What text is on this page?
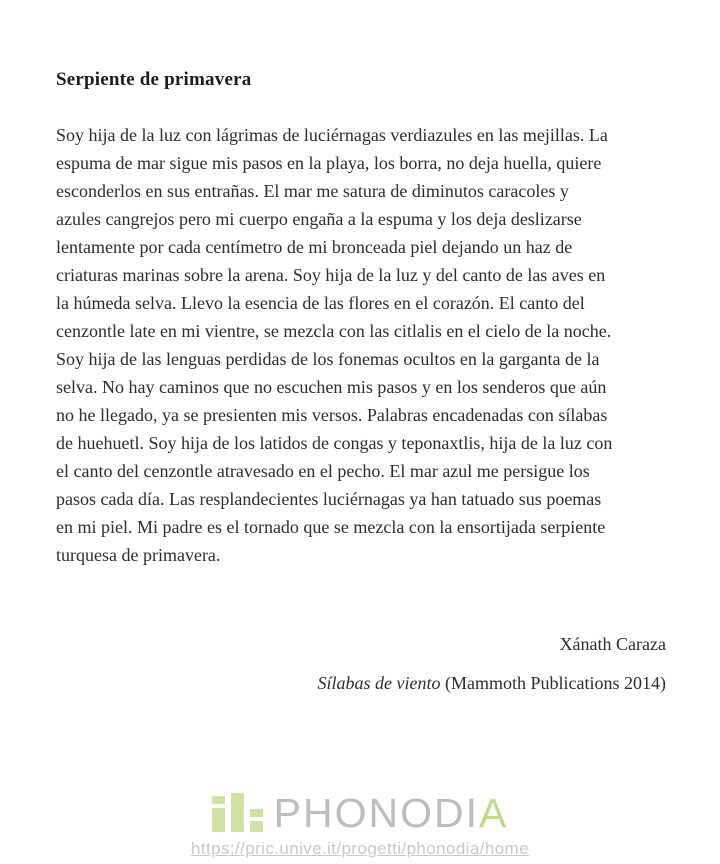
Serpiente de primavera
Soy hija de la luz con lágrimas de luciérnagas verdiazules en las mejillas. La
espuma de mar sigue mis pasos en la playa, los borra, no deja huella, quiere
esconderlos en sus entrañas. El mar me satura de diminutos caracoles y
azules cangrejos pero mi cuerpo engaña a la espuma y los deja deslizarse
lentamente por cada centímetro de mi bronceada piel dejando un haz de
criaturas marinas sobre la arena. Soy hija de la luz y del canto de las aves en
la húmeda selva. Llevo la esencia de las flores en el corazón. El canto del
cenzontle late en mi vientre, se mezcla con las citlalis en el cielo de la noche.
Soy hija de las lenguas perdidas de los fonemas ocultos en la garganta de la
selva. No hay caminos que no escuchen mis pasos y en los senderos que aún
no he llegado, ya se presienten mis versos. Palabras encadenadas con sílabas
de huehuetl. Soy hija de los latidos de congas y teponaxtlis, hija de la luz con
el canto del cenzontle atravesado en el pecho. El mar azul me persigue los
pasos cada día. Las resplandecientes luciérnagas ya han tatuado sus poemas
en mi piel. Mi padre es el tornado que se mezcla con la ensortijada serpiente
turquesa de primavera.
Xánath Caraza
Sílabas de viento (Mammoth Publications 2014)
PHONODIA
https://pric.unive.it/progetti/phonodia/home
